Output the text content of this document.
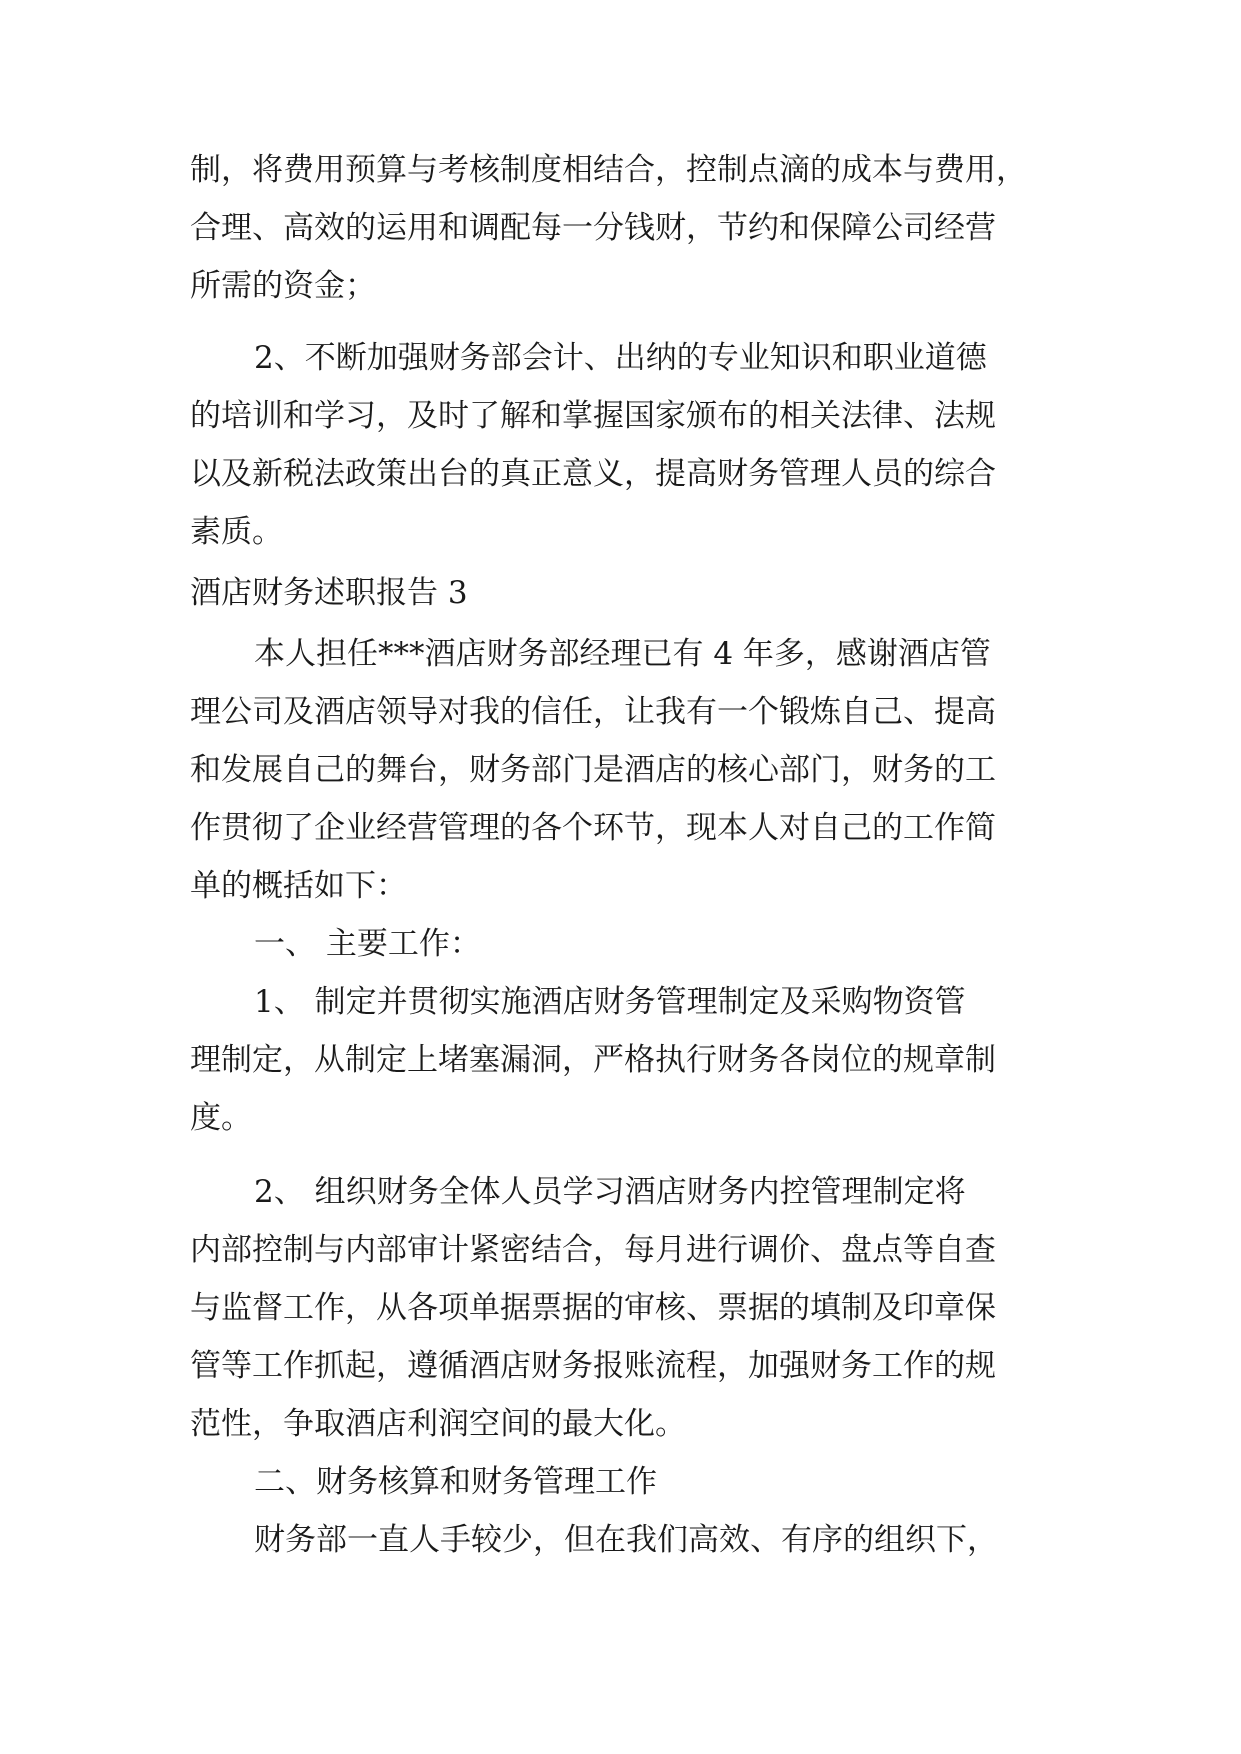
制，将费用预算与考核制度相结合，控制点滴的成本与费用，

合理、高效的运用和调配每一分钱财，节约和保障公司经营

所需的资金；

2、不断加强财务部会计、出纳的专业知识和职业道德

的培训和学习，及时了解和掌握国家颁布的相关法律、法规

以及新税法政策出台的真正意义，提高财务管理人员的综合

素质。

酒店财务述职报告 3

本人担任***酒店财务部经理已有 4 年多，感谢酒店管

理公司及酒店领导对我的信任，让我有一个锻炼自己、提高

和发展自己的舞台，财务部门是酒店的核心部门，财务的工

作贯彻了企业经营管理的各个环节，现本人对自己的工作简

单的概括如下：

一、 主要工作：

1、 制定并贯彻实施酒店财务管理制定及采购物资管

理制定，从制定上堵塞漏洞，严格执行财务各岗位的规章制

度。

2、 组织财务全体人员学习酒店财务内控管理制定将

内部控制与内部审计紧密结合，每月进行调价、盘点等自查

与监督工作，从各项单据票据的审核、票据的填制及印章保

管等工作抓起，遵循酒店财务报账流程，加强财务工作的规

范性，争取酒店利润空间的最大化。

二、财务核算和财务管理工作

财务部一直人手较少，但在我们高效、有序的组织下，
